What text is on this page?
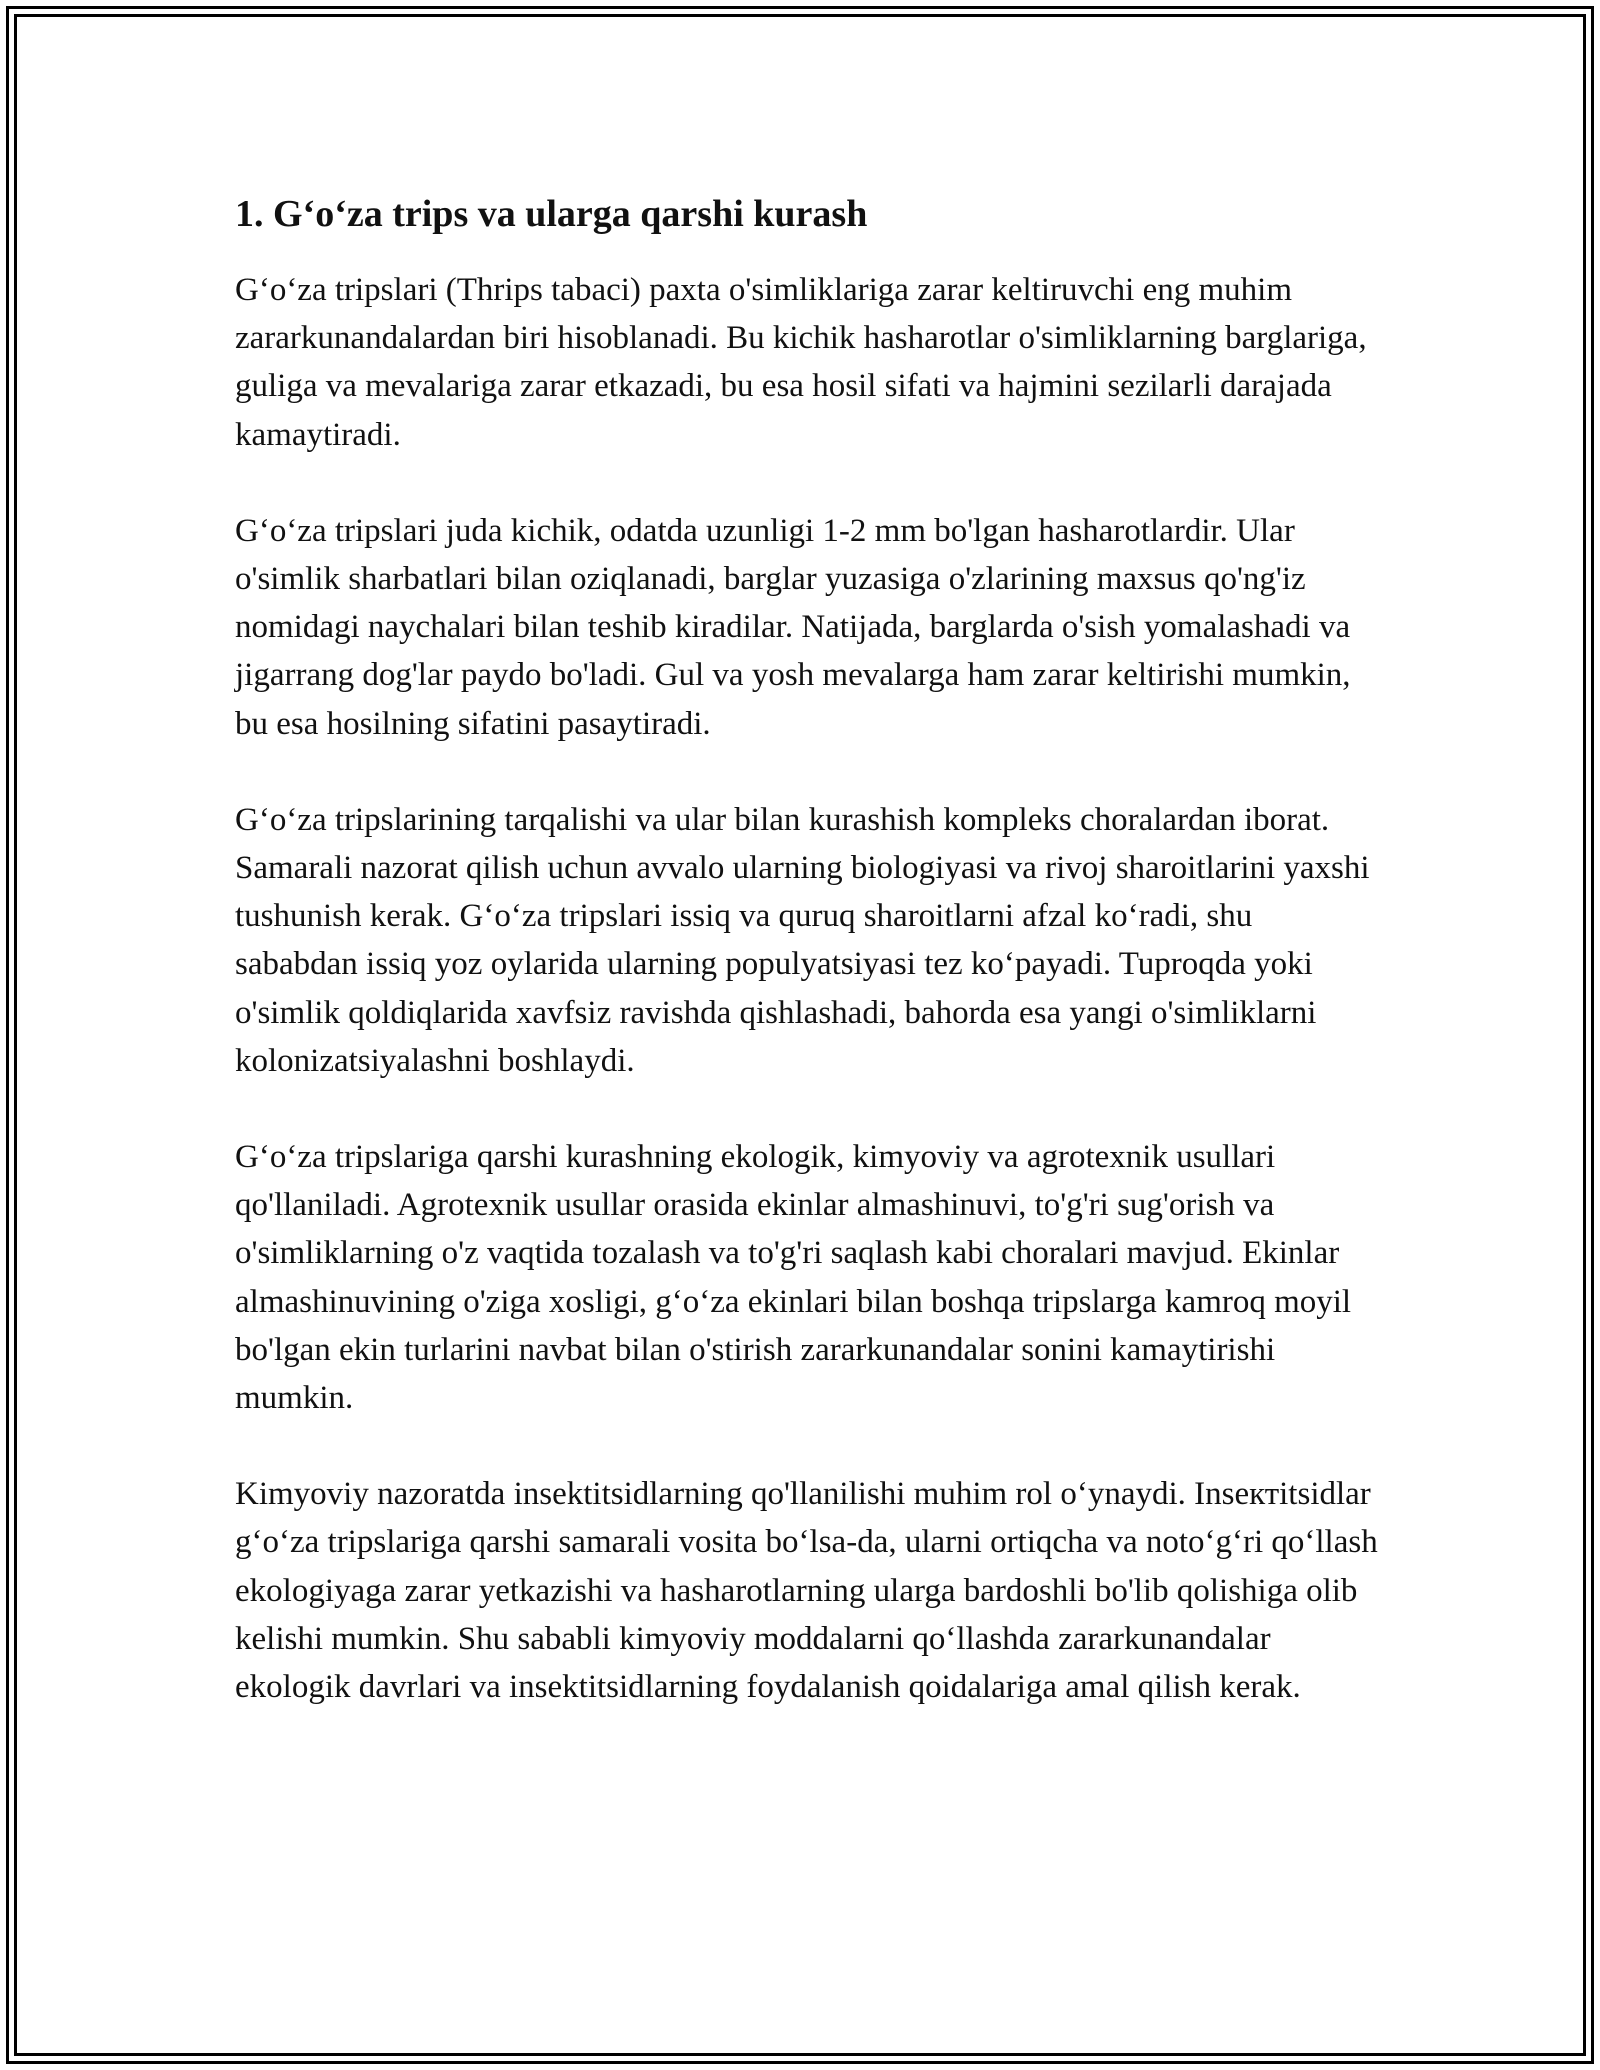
1. G‘o‘za trips va ularga qarshi kurash

G‘o‘za tripslari (Thrips tabaci) paxta o'simliklariga zarar keltiruvchi eng muhim zararkunandalardan biri hisoblanadi. Bu kichik hasharotlar o'simliklarning barglariga, guliga va mevalariga zarar etkazadi, bu esa hosil sifati va hajmini sezilarli darajada kamaytiradi.

G‘o‘za tripslari juda kichik, odatda uzunligi 1-2 mm bo'lgan hasharotlardir. Ular o'simlik sharbatlari bilan oziqlanadi, barglar yuzasiga o'zlarining maxsus qo'ng'iz nomidagi naychalari bilan teshib kiradilar. Natijada, barglarda o'sish yomalashadi va jigarrang dog'lar paydo bo'ladi. Gul va yosh mevalarga ham zarar keltirishi mumkin, bu esa hosilning sifatini pasaytiradi.

G‘o‘za tripslarining tarqalishi va ular bilan kurashish kompleks choralardan iborat. Samarali nazorat qilish uchun avvalo ularning biologiyasi va rivoj sharoitlarini yaxshi tushunish kerak. G‘o‘za tripslari issiq va quruq sharoitlarni afzal ko‘radi, shu sababdan issiq yoz oylarida ularning populyatsiyasi tez ko‘payadi. Tuproqda yoki o'simlik qoldiqlarida xavfsiz ravishda qishlashadi, bahorda esa yangi o'simliklarni kolonizatsiyalashni boshlaydi.

G‘o‘za tripslariga qarshi kurashning ekologik, kimyoviy va agrotexnik usullari qo'llaniladi. Agrotexnik usullar orasida ekinlar almashinuvi, to'g'ri sug'orish va o'simliklarning o'z vaqtida tozalash va to'g'ri saqlash kabi choralari mavjud. Ekinlar almashinuvining o'ziga xosligi, g‘o‘za ekinlari bilan boshqa tripslarga kamroq moyil bo'lgan ekin turlarini navbat bilan o'stirish zararkunandalar sonini kamaytirishi mumkin.

Kimyoviy nazoratda insektitsidlarning qo'llanilishi muhim rol o‘ynaydi. Insектitsidlar g‘o‘za tripslariga qarshi samarali vosita bo‘lsa-da, ularni ortiqcha va noto‘g‘ri qo‘llash ekologiyaga zarar yetkazishi va hasharotlarning ularga bardoshli bo'lib qolishiga olib kelishi mumkin. Shu sababli kimyoviy moddalarni qo‘llashda zararkunandalar ekologik davrlari va insektitsidlarning foydalanish qoidalariga amal qilish kerak.
